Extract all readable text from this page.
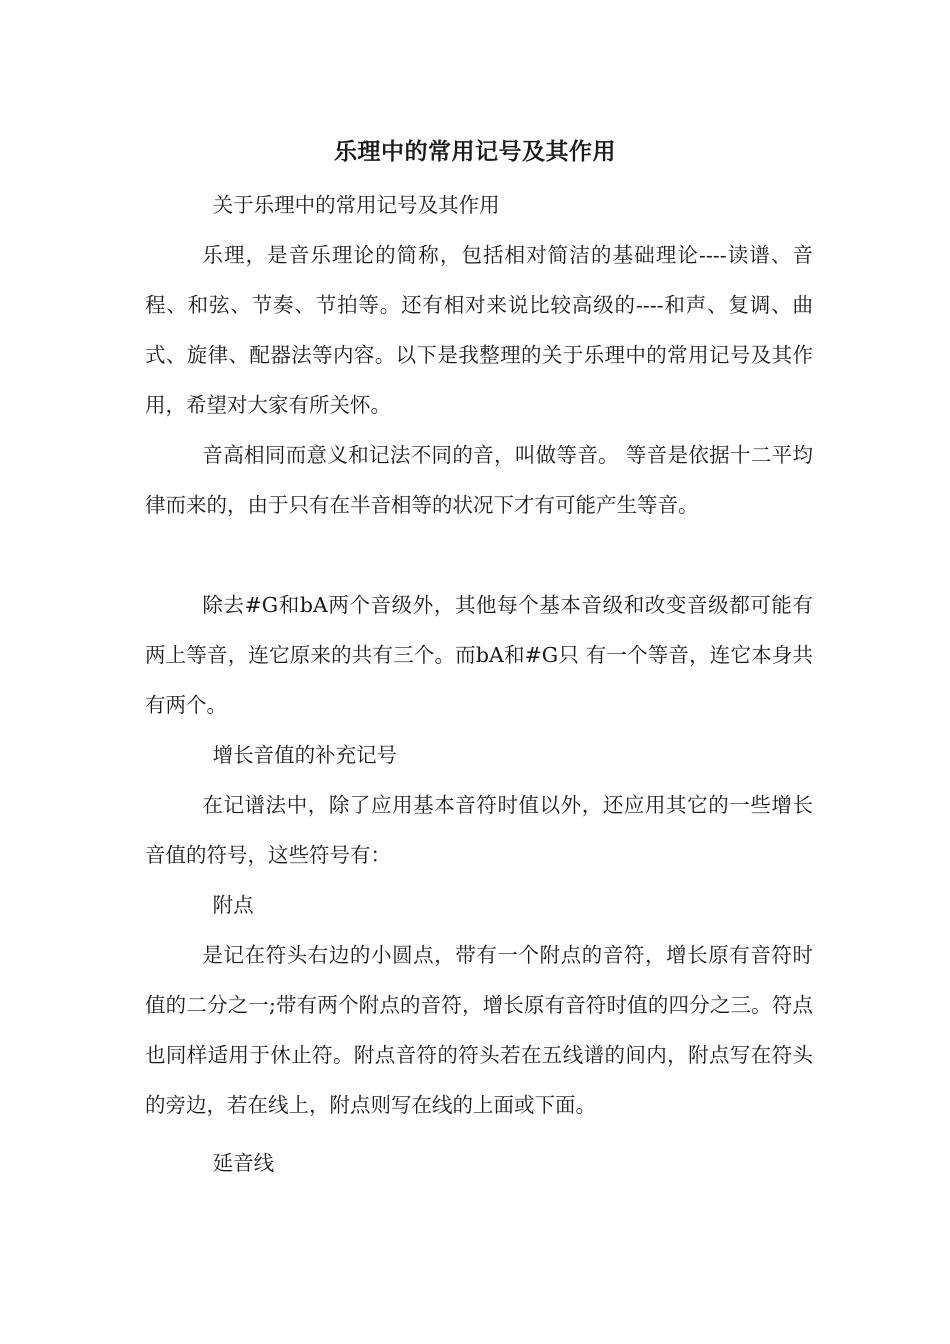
乐理中的常用记号及其作用

关于乐理中的常用记号及其作用

乐理，是音乐理论的简称，包括相对简洁的基础理论----读谱、音程、和弦、节奏、节拍等。还有相对来说比较高级的----和声、复调、曲式、旋律、配器法等内容。以下是我整理的关于乐理中的常用记号及其作用，希望对大家有所关怀。

音高相同而意义和记法不同的音，叫做等音。 等音是依据十二平均律而来的，由于只有在半音相等的状况下才有可能产生等音。

除去#G和bA两个音级外，其他每个基本音级和改变音级都可能有两上等音，连它原来的共有三个。而bA和#G只 有一个等音，连它本身共有两个。

增长音值的补充记号

在记谱法中，除了应用基本音符时值以外，还应用其它的一些增长音值的符号，这些符号有：

附点

是记在符头右边的小圆点，带有一个附点的音符，增长原有音符时值的二分之一;带有两个附点的音符，增长原有音符时值的四分之三。符点也同样适用于休止符。附点音符的符头若在五线谱的间内，附点写在符头的旁边，若在线上，附点则写在线的上面或下面。

延音线
